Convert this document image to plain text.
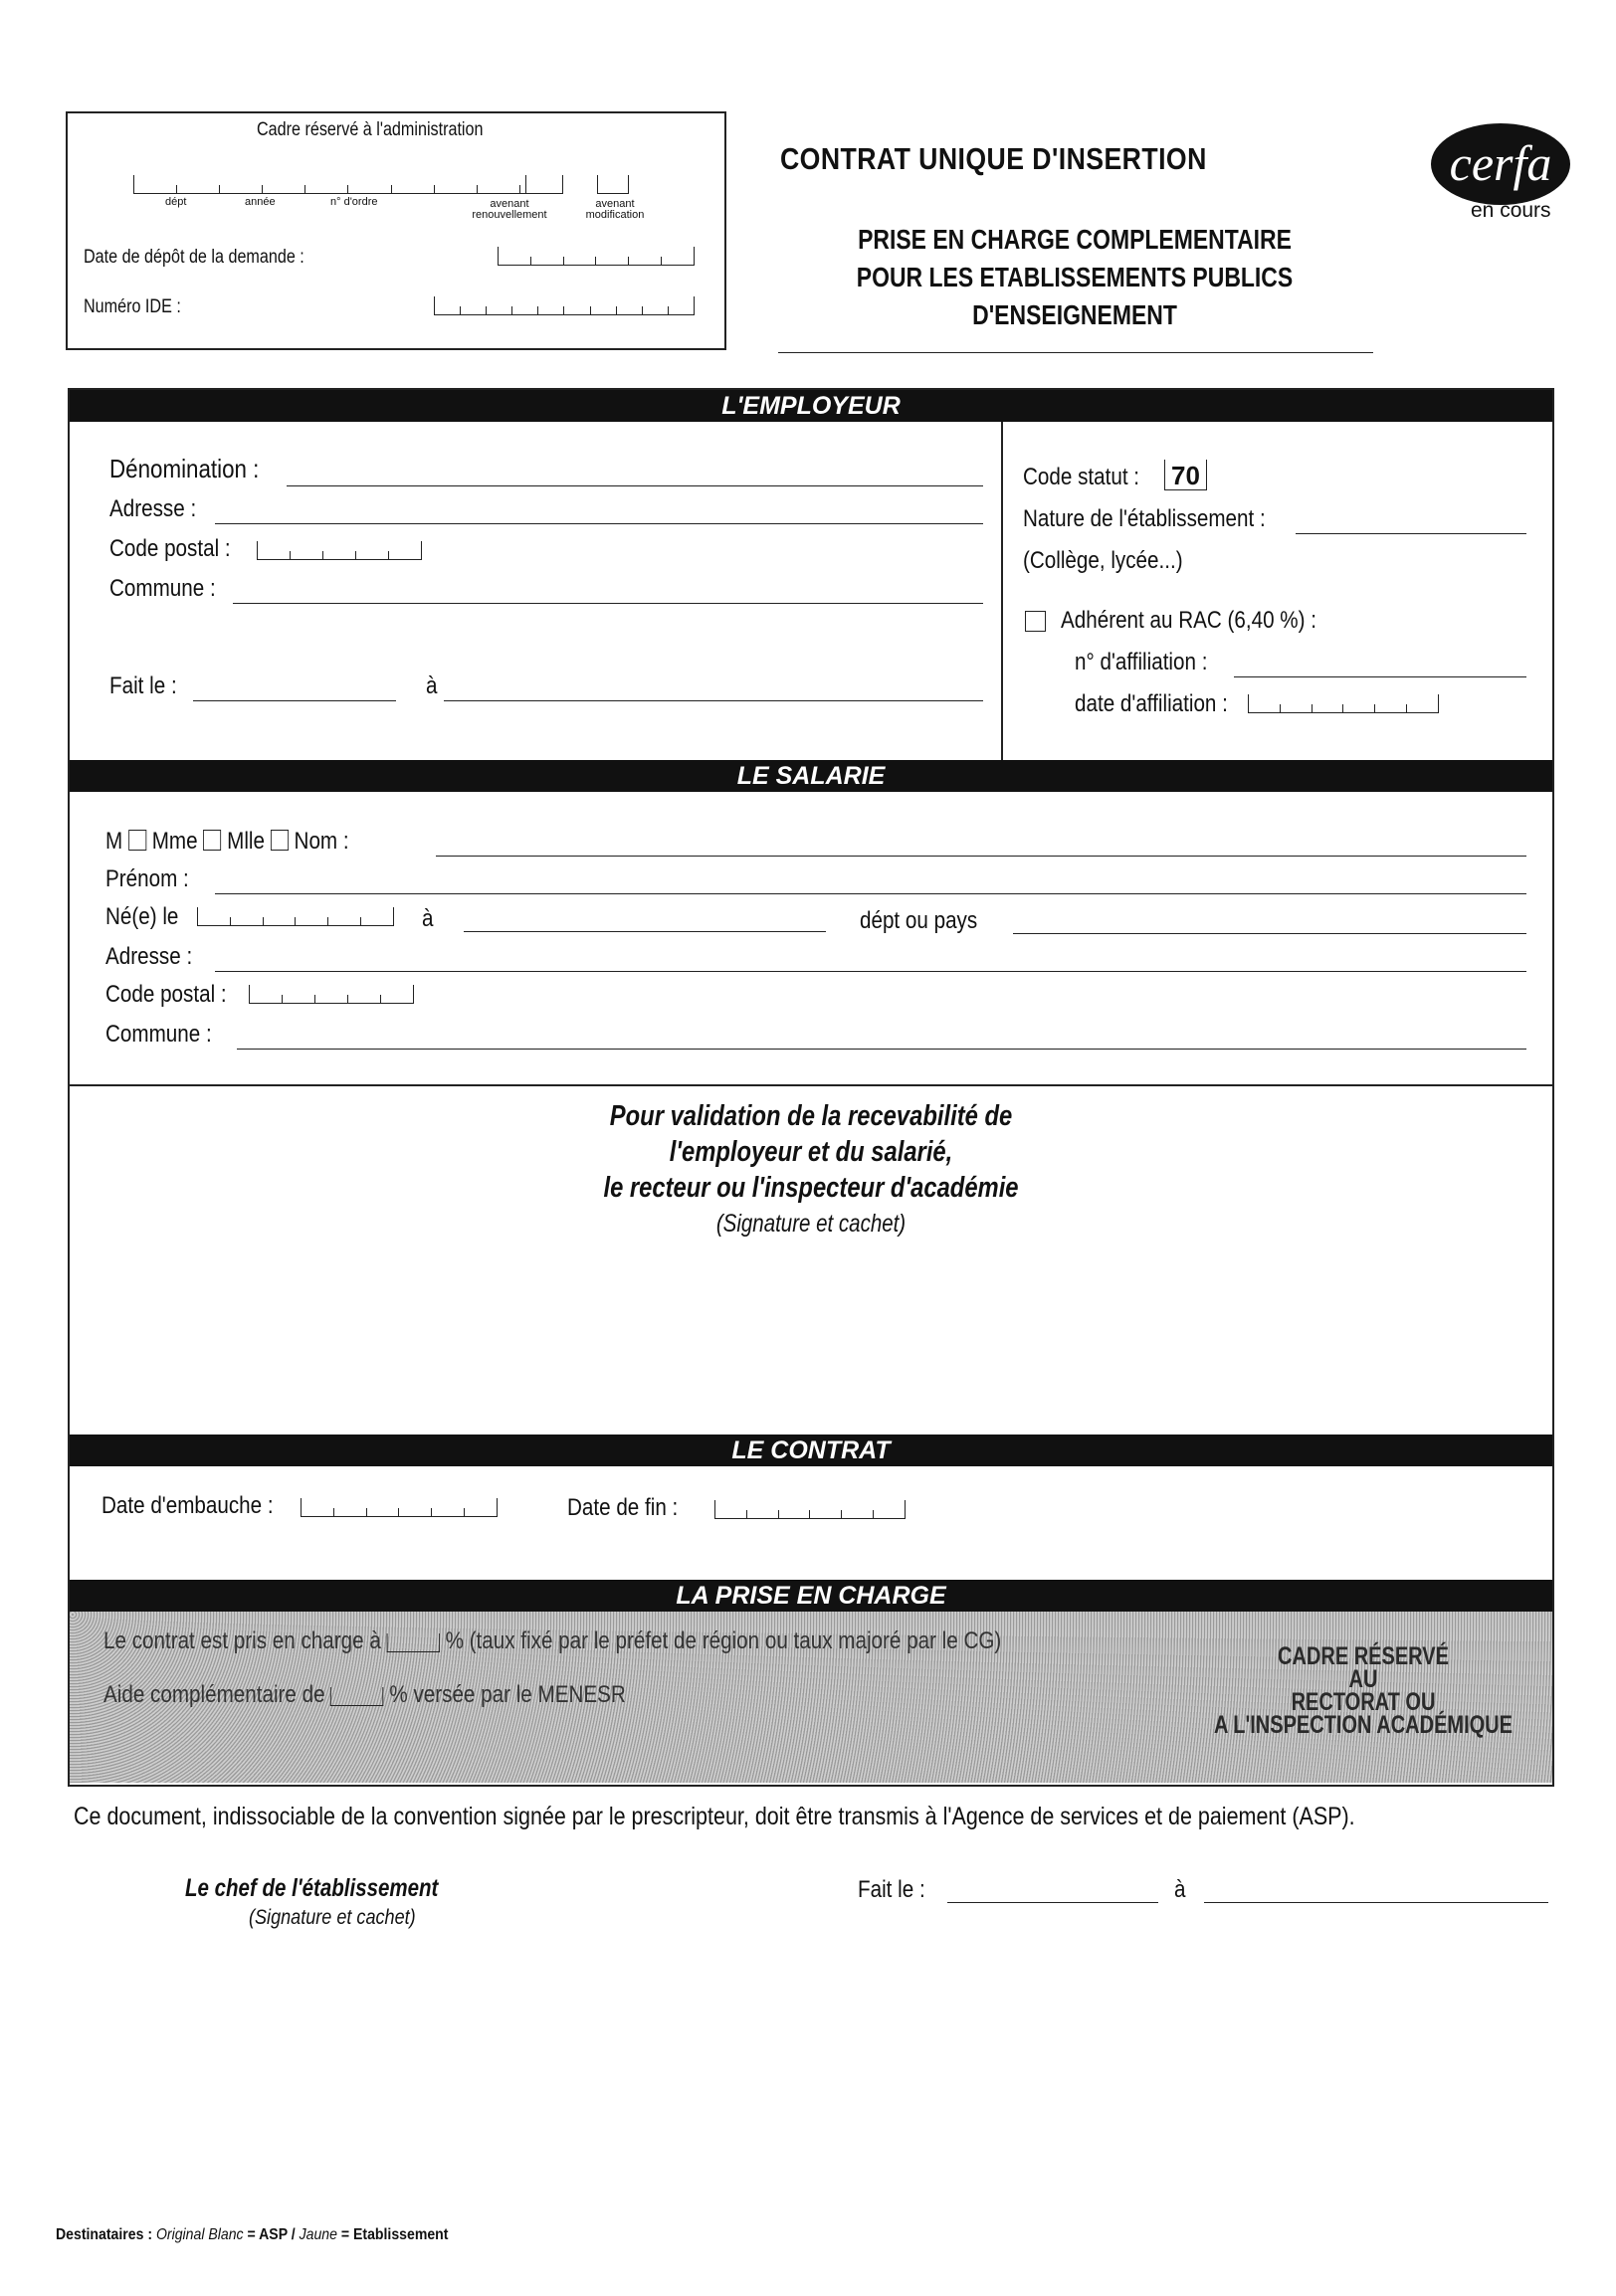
Cadre réservé à l'administration
dépt	année	n° d'ordre	avenant renouvellement
avenant modification
Date de dépôt de la demande :
Numéro IDE :
CONTRAT UNIQUE D'INSERTION
PRISE EN CHARGE COMPLEMENTAIRE
POUR LES ETABLISSEMENTS PUBLICS
D'ENSEIGNEMENT
cerfa
en cours
L'EMPLOYEUR
Dénomination :
Adresse :
Code postal :
Commune :
Fait le :	à
Code statut : 70
Nature de l'établissement :
(Collège, lycée...)
Adhérent au RAC (6,40 %) :
n° d'affiliation :
date d'affiliation :
LE SALARIE
M Mme Mlle Nom :
Prénom :
Né(e) le	à	dépt ou pays
Adresse :
Code postal :
Commune :
Pour validation de la recevabilité de
l'employeur et du salarié,
le recteur ou l'inspecteur d'académie
(Signature et cachet)
LE CONTRAT
Date d'embauche :	Date de fin :
LA PRISE EN CHARGE
Le contrat est pris en charge à	% (taux fixé par le préfet de région ou taux majoré par le CG)
Aide complémentaire de	% versée par le MENESR
CADRE RÉSERVÉ
AU
RECTORAT OU
A L'INSPECTION ACADÉMIQUE
Ce document, indissociable de la convention signée par le prescripteur, doit être transmis à l'Agence de services et de paiement (ASP).
Le chef de l'établissement
(Signature et cachet)
Fait le :	à
Destinataires : Original Blanc = ASP / Jaune = Etablissement
